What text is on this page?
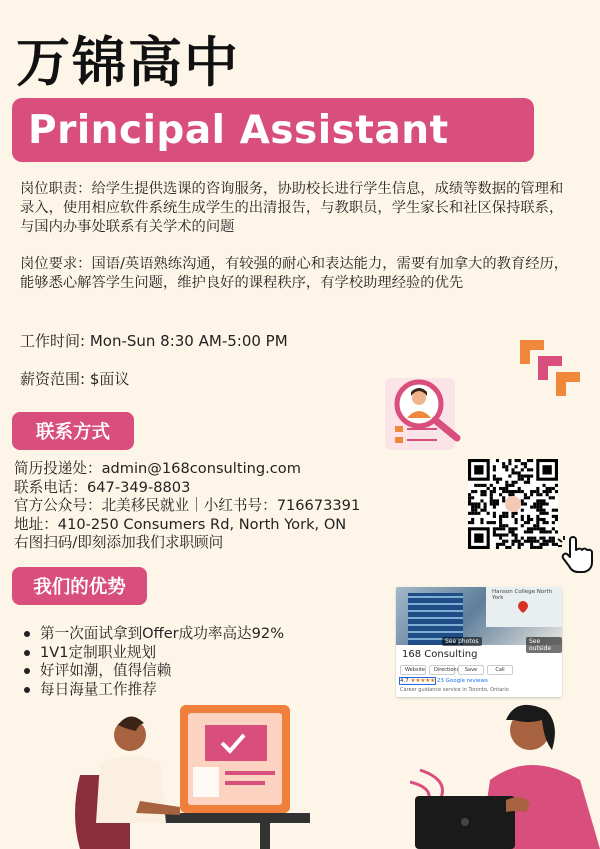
万锦高中
Principal Assistant
岗位职责：给学生提供选课的咨询服务，协助校长进行学生信息，成绩等数据的管理和录入，使用相应软件系统生成学生的出清报告，与教职员，学生家长和社区保持联系，与国内办事处联系有关学术的问题
岗位要求：国语/英语熟练沟通，有较强的耐心和表达能力，需要有加拿大的教育经历，能够悉心解答学生问题，维护良好的课程秩序，有学校助理经验的优先
工作时间: Mon-Sun 8:30 AM-5:00 PM
薪资范围: $面议
联系方式
简历投递处：admin@168consulting.com
联系电话：647-349-8803
官方公众号：北美移民就业｜小红书号：716673391
地址：410-250 Consumers Rd, North York, ON
右图扫码/即刻添加我们求职顾问
我们的优势
第一次面试拿到Offer成功率高达92%
1V1定制职业规划
好评如潮，值得信赖
每日海量工作推荐
Hanson College North York
See photos	See outside
168 Consulting
Website	Directions	Save	Call
4.7 ★★★★★ 23 Google reviews
Career guidance service in Toronto, Ontario
